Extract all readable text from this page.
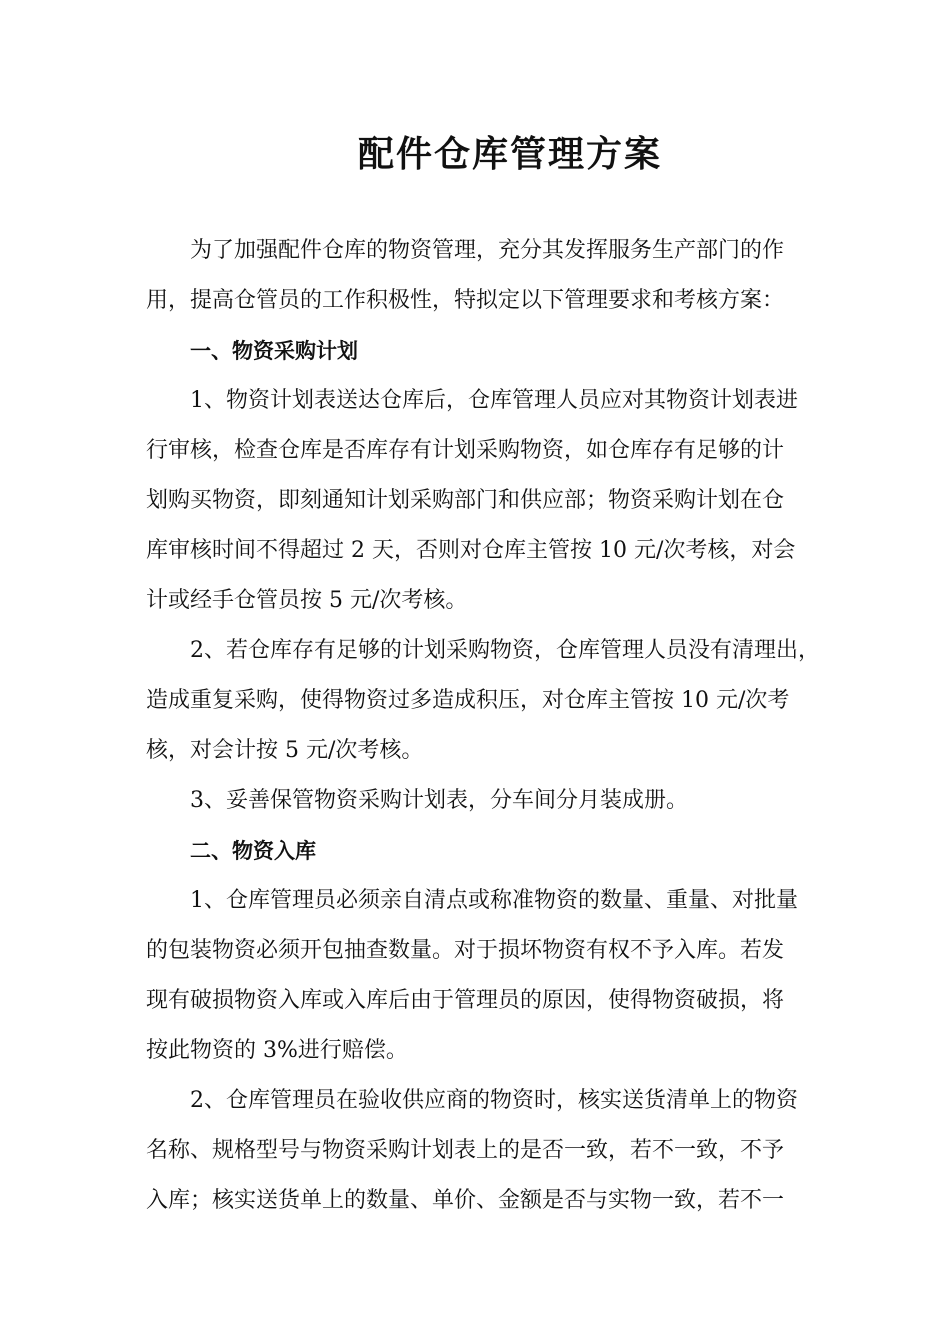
配件仓库管理方案
为了加强配件仓库的物资管理，充分其发挥服务生产部门的作
用，提高仓管员的工作积极性，特拟定以下管理要求和考核方案：
一、物资采购计划
1、物资计划表送达仓库后，仓库管理人员应对其物资计划表进
行审核，检查仓库是否库存有计划采购物资，如仓库存有足够的计
划购买物资，即刻通知计划采购部门和供应部；物资采购计划在仓
库审核时间不得超过 2 天，否则对仓库主管按 10 元/次考核，对会
计或经手仓管员按 5 元/次考核。
2、若仓库存有足够的计划采购物资，仓库管理人员没有清理出，
造成重复采购，使得物资过多造成积压，对仓库主管按 10 元/次考
核，对会计按 5 元/次考核。
3、妥善保管物资采购计划表，分车间分月装成册。
二、物资入库
1、仓库管理员必须亲自清点或称准物资的数量、重量、对批量
的包装物资必须开包抽查数量。对于损坏物资有权不予入库。若发
现有破损物资入库或入库后由于管理员的原因，使得物资破损，将
按此物资的 3%进行赔偿。
2、仓库管理员在验收供应商的物资时，核实送货清单上的物资
名称、规格型号与物资采购计划表上的是否一致，若不一致，不予
入库；核实送货单上的数量、单价、金额是否与实物一致，若不一
